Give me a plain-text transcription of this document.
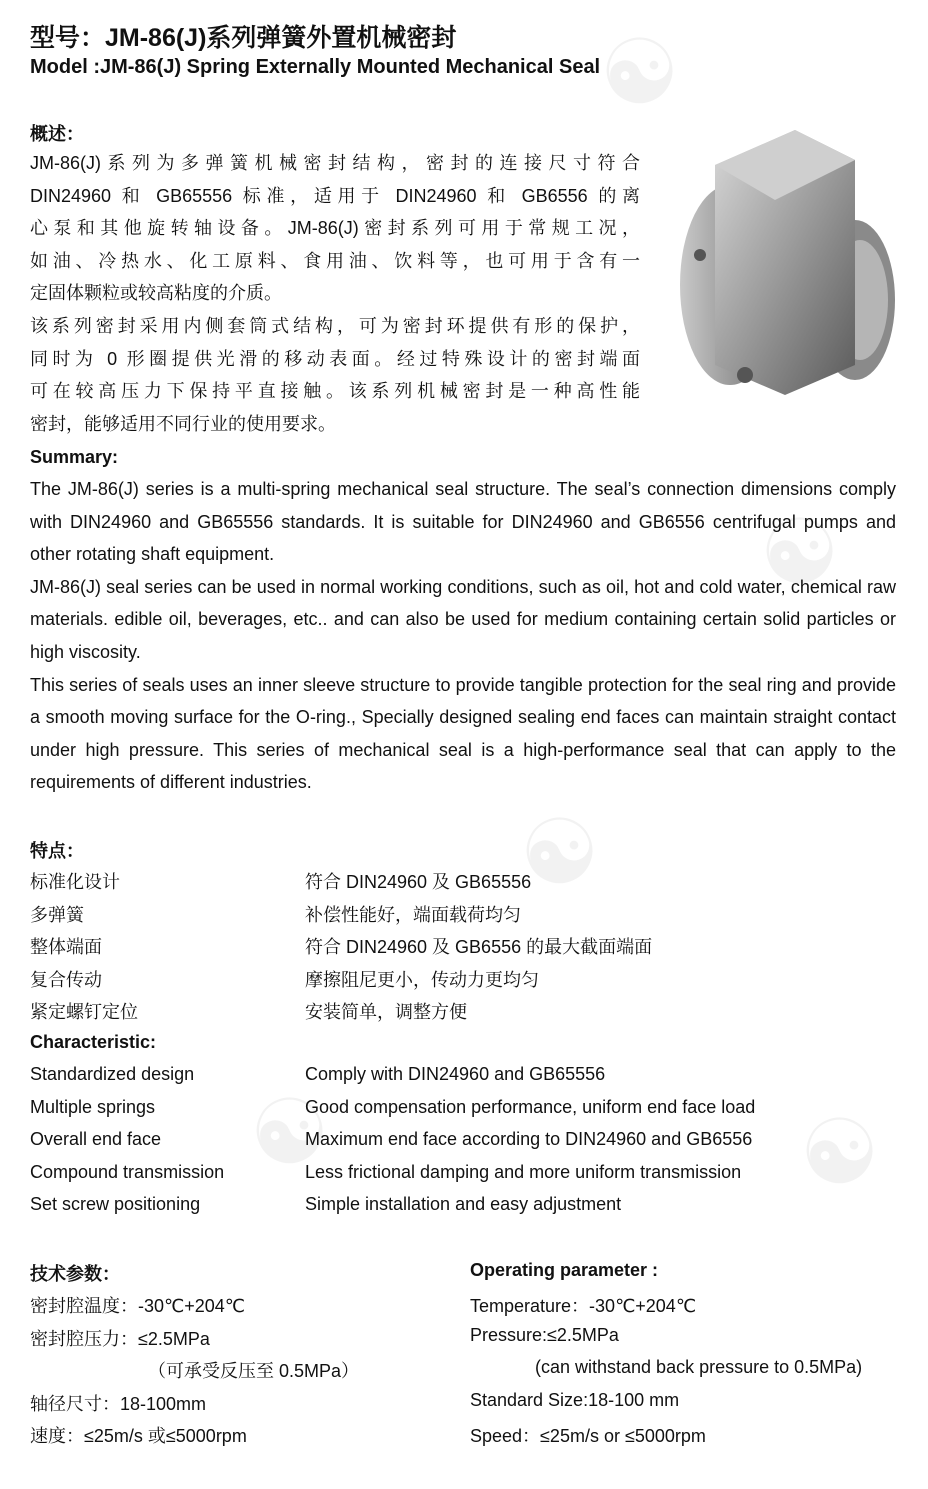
☯
☯
☯
☯	☯
型号：JM-86(J)系列弹簧外置机械密封
Model :JM-86(J) Spring Externally Mounted Mechanical Seal
概述：
JM-86(J)系列为多弹簧机械密封结构，密封的连接尺寸符合
DIN24960 和 GB65556 标准，适用于 DIN24960 和 GB6556 的离
心泵和其他旋转轴设备。JM-86(J)密封系列可用于常规工况，
如油、冷热水、化工原料、食用油、饮料等，也可用于含有一
定固体颗粒或较高粘度的介质。
该系列密封采用内侧套筒式结构，可为密封环提供有形的保护，
同时为 0 形圈提供光滑的移动表面。经过特殊设计的密封端面
可在较高压力下保持平直接触。该系列机械密封是一种高性能
密封，能够适用不同行业的使用要求。
Summary:

The JM-86(J) series is a multi-spring mechanical seal structure. The seal’s connection dimensions comply with DIN24960 and GB65556 standards. It is suitable for DIN24960 and GB6556 centrifugal pumps and other rotating shaft equipment.

JM-86(J) seal series can be used in normal working conditions, such as oil, hot and cold water, chemical raw materials. edible oil, beverages, etc.. and can also be used for medium containing certain solid particles or high viscosity.

This series of seals uses an inner sleeve structure to provide tangible protection for the seal ring and provide a smooth moving surface for the O-ring., Specially designed sealing end faces can maintain straight contact under high pressure. This series of mechanical seal is a high-performance seal that can apply to the requirements of different industries.

特点：
标准化设计	符合 DIN24960 及 GB65556
多弹簧	补偿性能好，端面载荷均匀
整体端面	符合 DIN24960 及 GB6556 的最大截面端面
复合传动	摩擦阻尼更小，传动力更均匀
紧定螺钉定位	安装简单，调整方便
Characteristic:
Standardized design	Comply with DIN24960 and GB65556
Multiple springs	Good compensation performance, uniform end face load
Overall end face	Maximum end face according to DIN24960 and GB6556
Compound transmission	Less frictional damping and more uniform transmission
Set screw positioning	Simple installation and easy adjustment
技术参数：	Operating parameter :
密封腔温度：-30℃+204℃
密封腔压力：≤2.5MPa
（可承受反压至 0.5MPa）
轴径尺寸：18-100mm
速度：≤25m/s 或≤5000rpm
Temperature：-30℃+204℃
Pressure:≤2.5MPa
(can withstand back pressure to 0.5MPa)
Standard Size:18-100 mm
Speed：≤25m/s or ≤5000rpm
